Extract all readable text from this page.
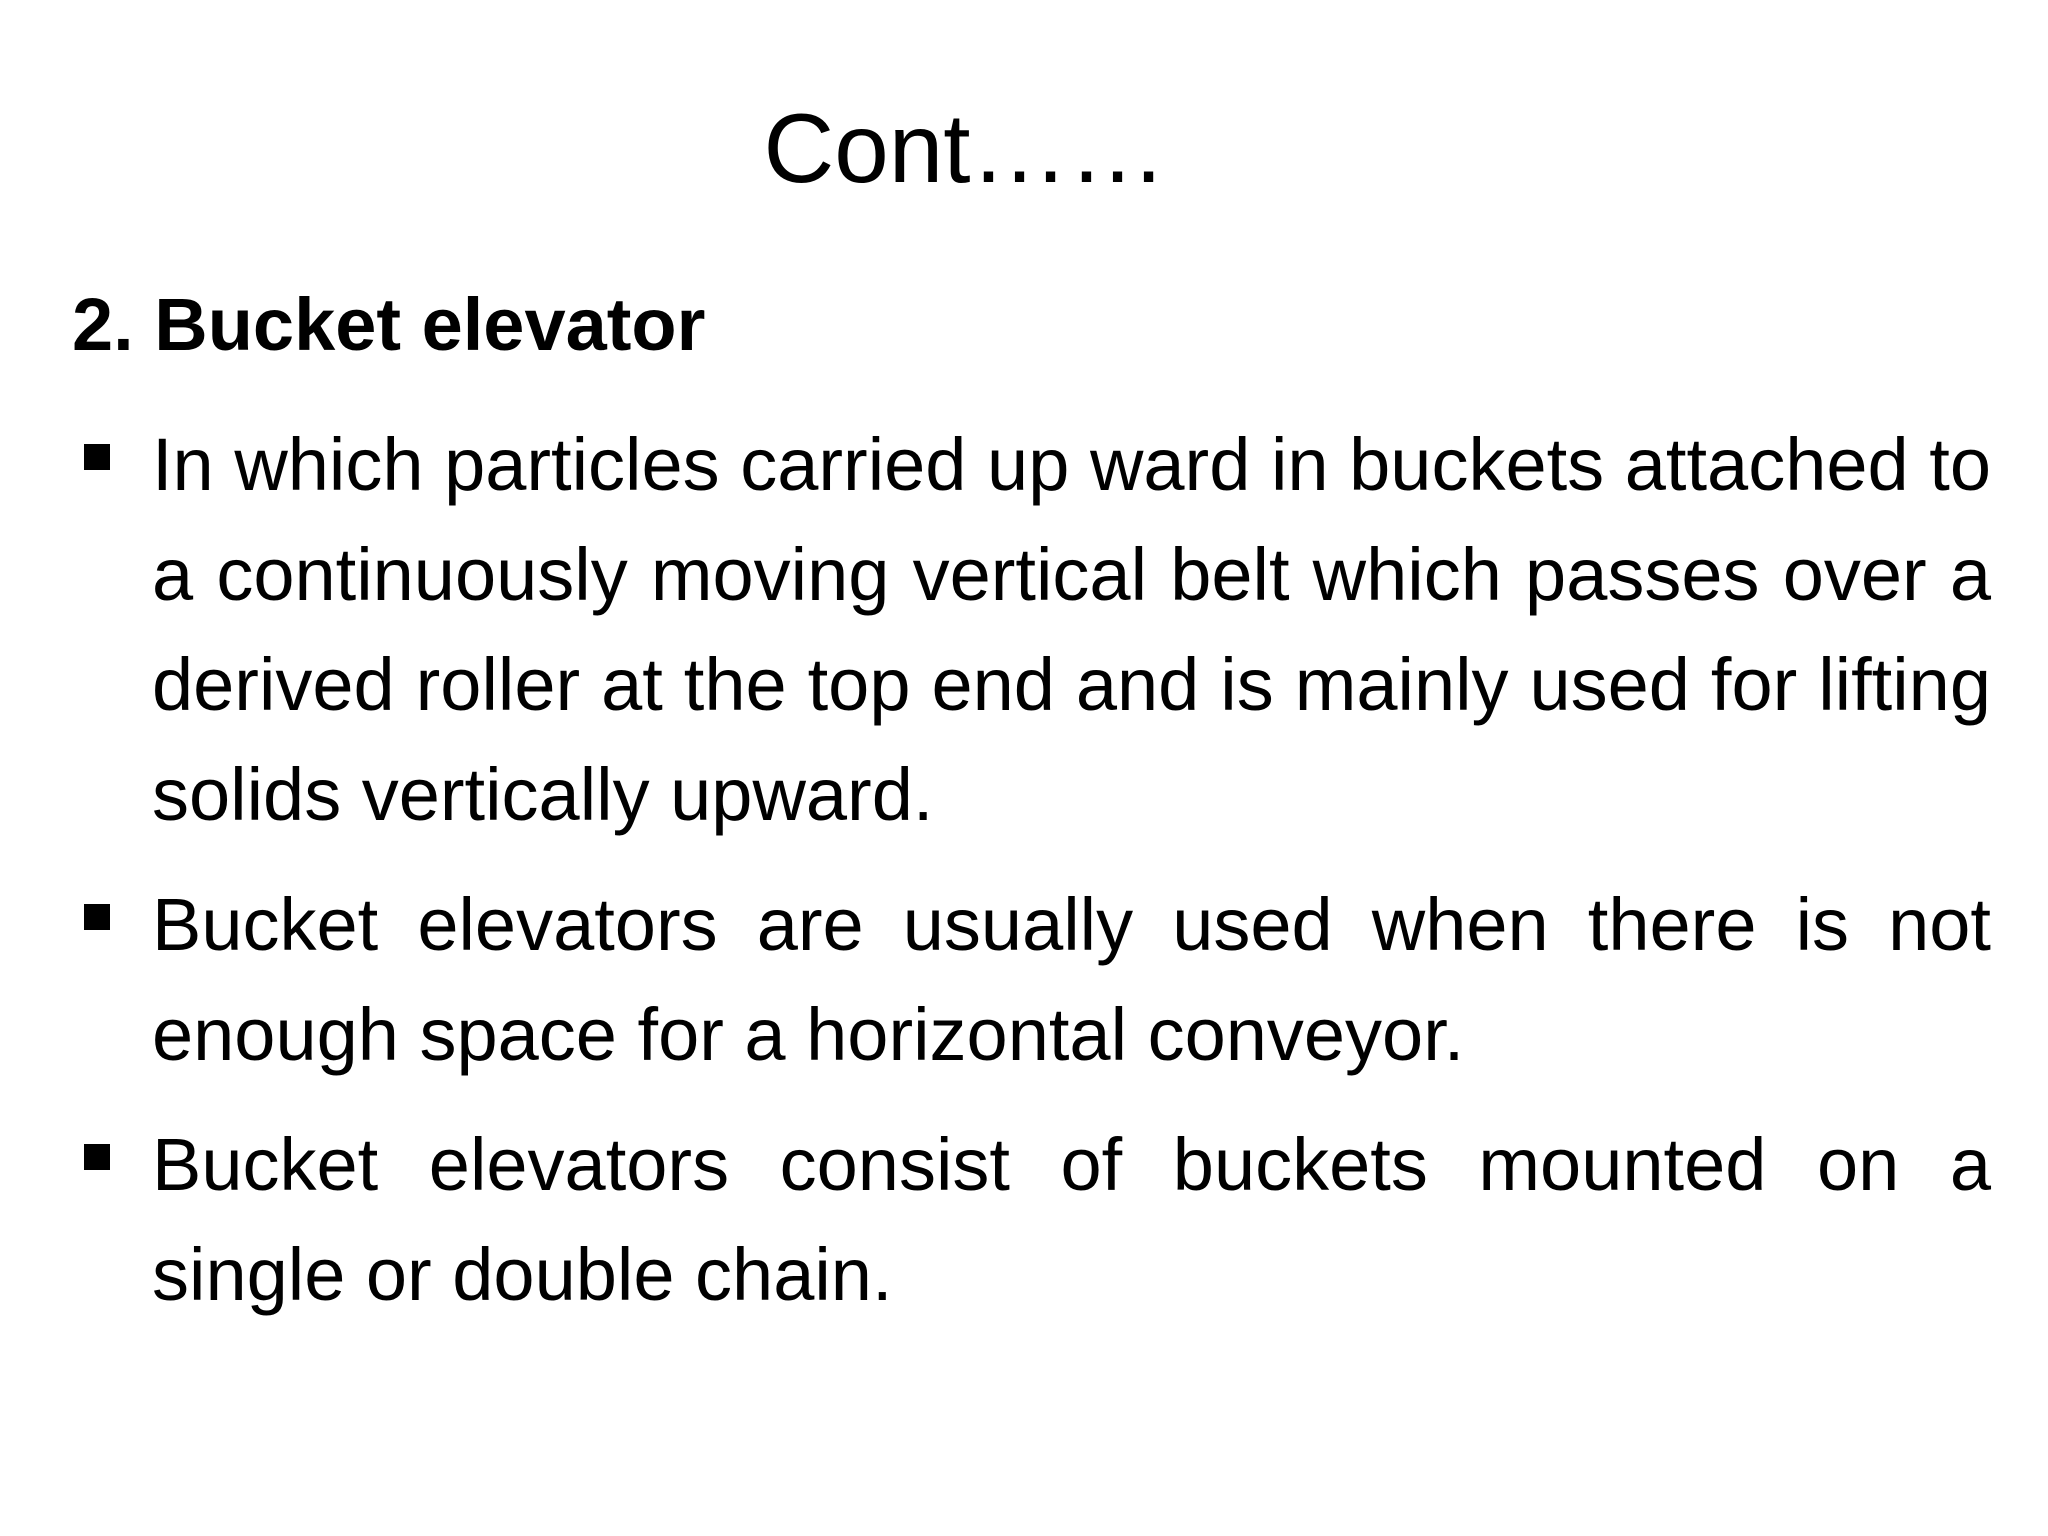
Cont……
2. Bucket elevator
In which particles carried up ward in buckets attached to a continuously moving vertical belt which passes over a derived roller at the top end and is mainly used for lifting solids vertically upward.
Bucket elevators are usually used when there is not enough space for a horizontal conveyor.
Bucket elevators consist of buckets mounted on a single or double chain.
